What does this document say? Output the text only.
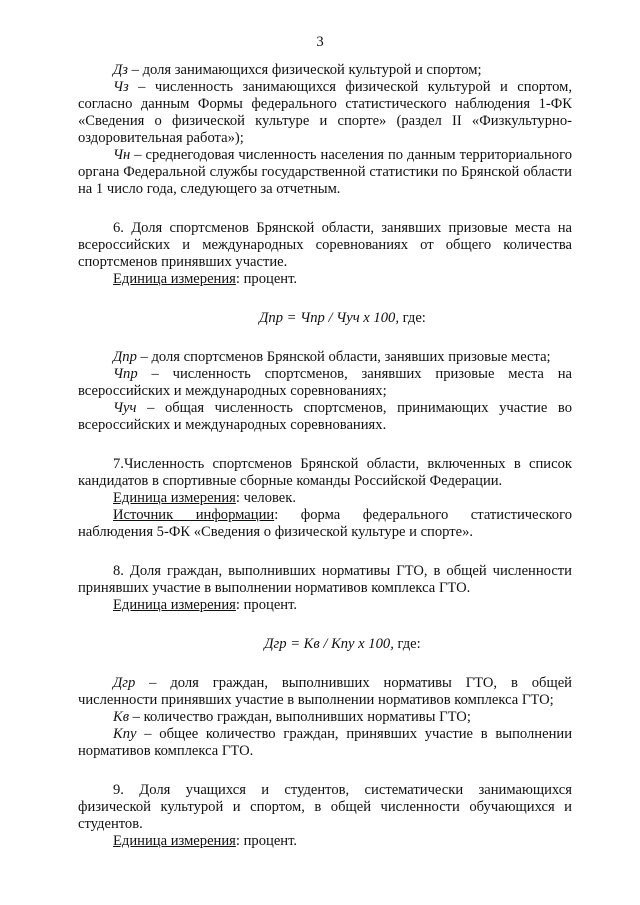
3

Дз – доля занимающихся физической культурой и спортом;

Чз – численность занимающихся физической культурой и спортом, согласно данным Формы федерального статистического наблюдения 1-ФК «Сведения о физической культуре и спорте» (раздел II «Физкультурно-оздоровительная работа»);

Чн – среднегодовая численность населения по данным территориального органа Федеральной службы государственной статистики по Брянской области на 1 число года, следующего за отчетным.

6. Доля спортсменов Брянской области, занявших призовые места на всероссийских и международных соревнованиях от общего количества спортсменов принявших участие.

Единица измерения: процент.

Дпр = Чпр / Чуч х 100, где:

Дпр – доля спортсменов Брянской области, занявших призовые места;

Чпр – численность спортсменов, занявших призовые места на всероссийских и международных соревнованиях;

Чуч – общая численность спортсменов, принимающих участие во всероссийских и международных соревнованиях.

7.Численность спортсменов Брянской области, включенных в список кандидатов в спортивные сборные команды Российской Федерации.

Единица измерения: человек.

Источник информации: форма федерального статистического наблюдения 5-ФК «Сведения о физической культуре и спорте».

8. Доля граждан, выполнивших нормативы ГТО, в общей численности принявших участие в выполнении нормативов комплекса ГТО.

Единица измерения: процент.

Дгр = Кв / Кпу х 100, где:

Дгр – доля граждан, выполнивших нормативы ГТО, в общей численности принявших участие в выполнении нормативов комплекса ГТО;

Кв – количество граждан, выполнивших нормативы ГТО;

Кпу – общее количество граждан, принявших участие в выполнении нормативов комплекса ГТО.

9. Доля учащихся и студентов, систематически занимающихся физической культурой и спортом, в общей численности обучающихся и студентов.

Единица измерения: процент.
